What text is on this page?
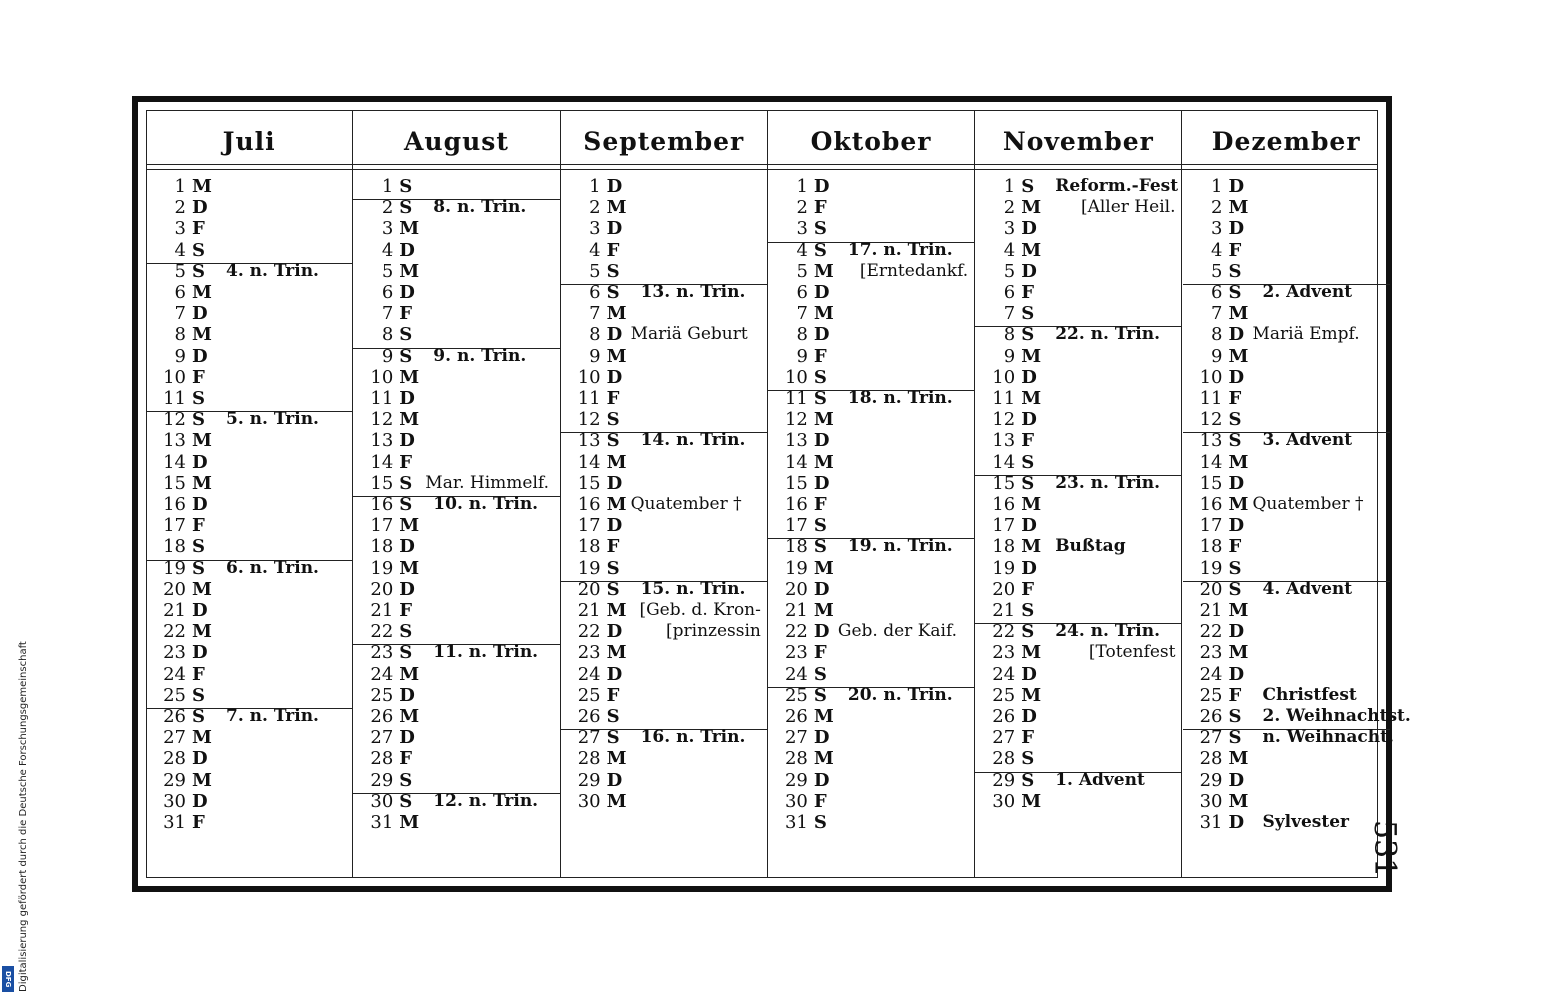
Juli
1 M
2 D
3 F
4 S
5 S	4. n. Trin.
6 M
7 D
8 M
9 D
10 F
11 S
12 S	5. n. Trin.
13 M
14 D
15 M
16 D
17 F
18 S
19 S	6. n. Trin.
20 M
21 D
22 M
23 D
24 F
25 S
26 S	7. n. Trin.
27 M
28 D
29 M
30 D
31 F
August
1 S
2 S	8. n. Trin.
3 M
4 D
5 M
6 D
7 F
8 S
9 S	9. n. Trin.
10 M
11 D
12 M
13 D
14 F
15 S Mar. Himmelf.
16 S	10. n. Trin.
17 M
18 D
19 M
20 D
21 F
22 S
23 S	11. n. Trin.
24 M
25 D
26 M
27 D
28 F
29 S
30 S	12. n. Trin.
31 M
September
1 D
2 M
3 D
4 F
5 S
6 S	13. n. Trin.
7 M
8 D Mariä Geburt
9 M
10 D
11 F
12 S
13 S	14. n. Trin.
14 M
15 D
16 M Quatember †
17 D
18 F
19 S
20 S	15. n. Trin.
21 M [Geb. d. Kron-
22 D	[prinzessin
23 M
24 D
25 F
26 S
27 S	16. n. Trin.
28 M
29 D
30 M
Oktober
1 D
2 F
3 S
4 S	17. n. Trin.
5 M [Erntedankf.
6 D
7 M
8 D
9 F
10 S
11 S	18. n. Trin.
12 M
13 D
14 M
15 D
16 F
17 S
18 S	19. n. Trin.
19 M
20 D
21 M
22 D Geb. der Kaif.
23 F
24 S
25 S	20. n. Trin.
26 M
27 D
28 M
29 D
30 F
31 S
November
1 S	Reform.-Fest
2 M [Aller Heil.
3 D
4 M
5 D
6 F
7 S
8 S	22. n. Trin.
9 M
10 D
11 M
12 D
13 F
14 S
15 S	23. n. Trin.
16 M
17 D
18 M Bußtag
19 D
20 F
21 S
22 S	24. n. Trin.
23 M	[Totenfest
24 D
25 M
26 D
27 F
28 S
29 S	1. Advent
30 M
Dezember
1 D
2 M
3 D
4 F
5 S
6 S	2. Advent
7 M
8 D Mariä Empf.
9 M
10 D
11 F
12 S
13 S	3. Advent
14 M
15 D
16 M Quatember †
17 D
18 F
19 S
20 S	4. Advent
21 M
22 D
23 M
24 D
25 F	Christfest
26 S	2. Weihnachtst.
27 S	n. Weihnacht.
28 M
29 D
30 M
31 D Sylvester 531
Digitalisierung gefördert durch die Deutsche Forschungsgemeinschaft
DFG
